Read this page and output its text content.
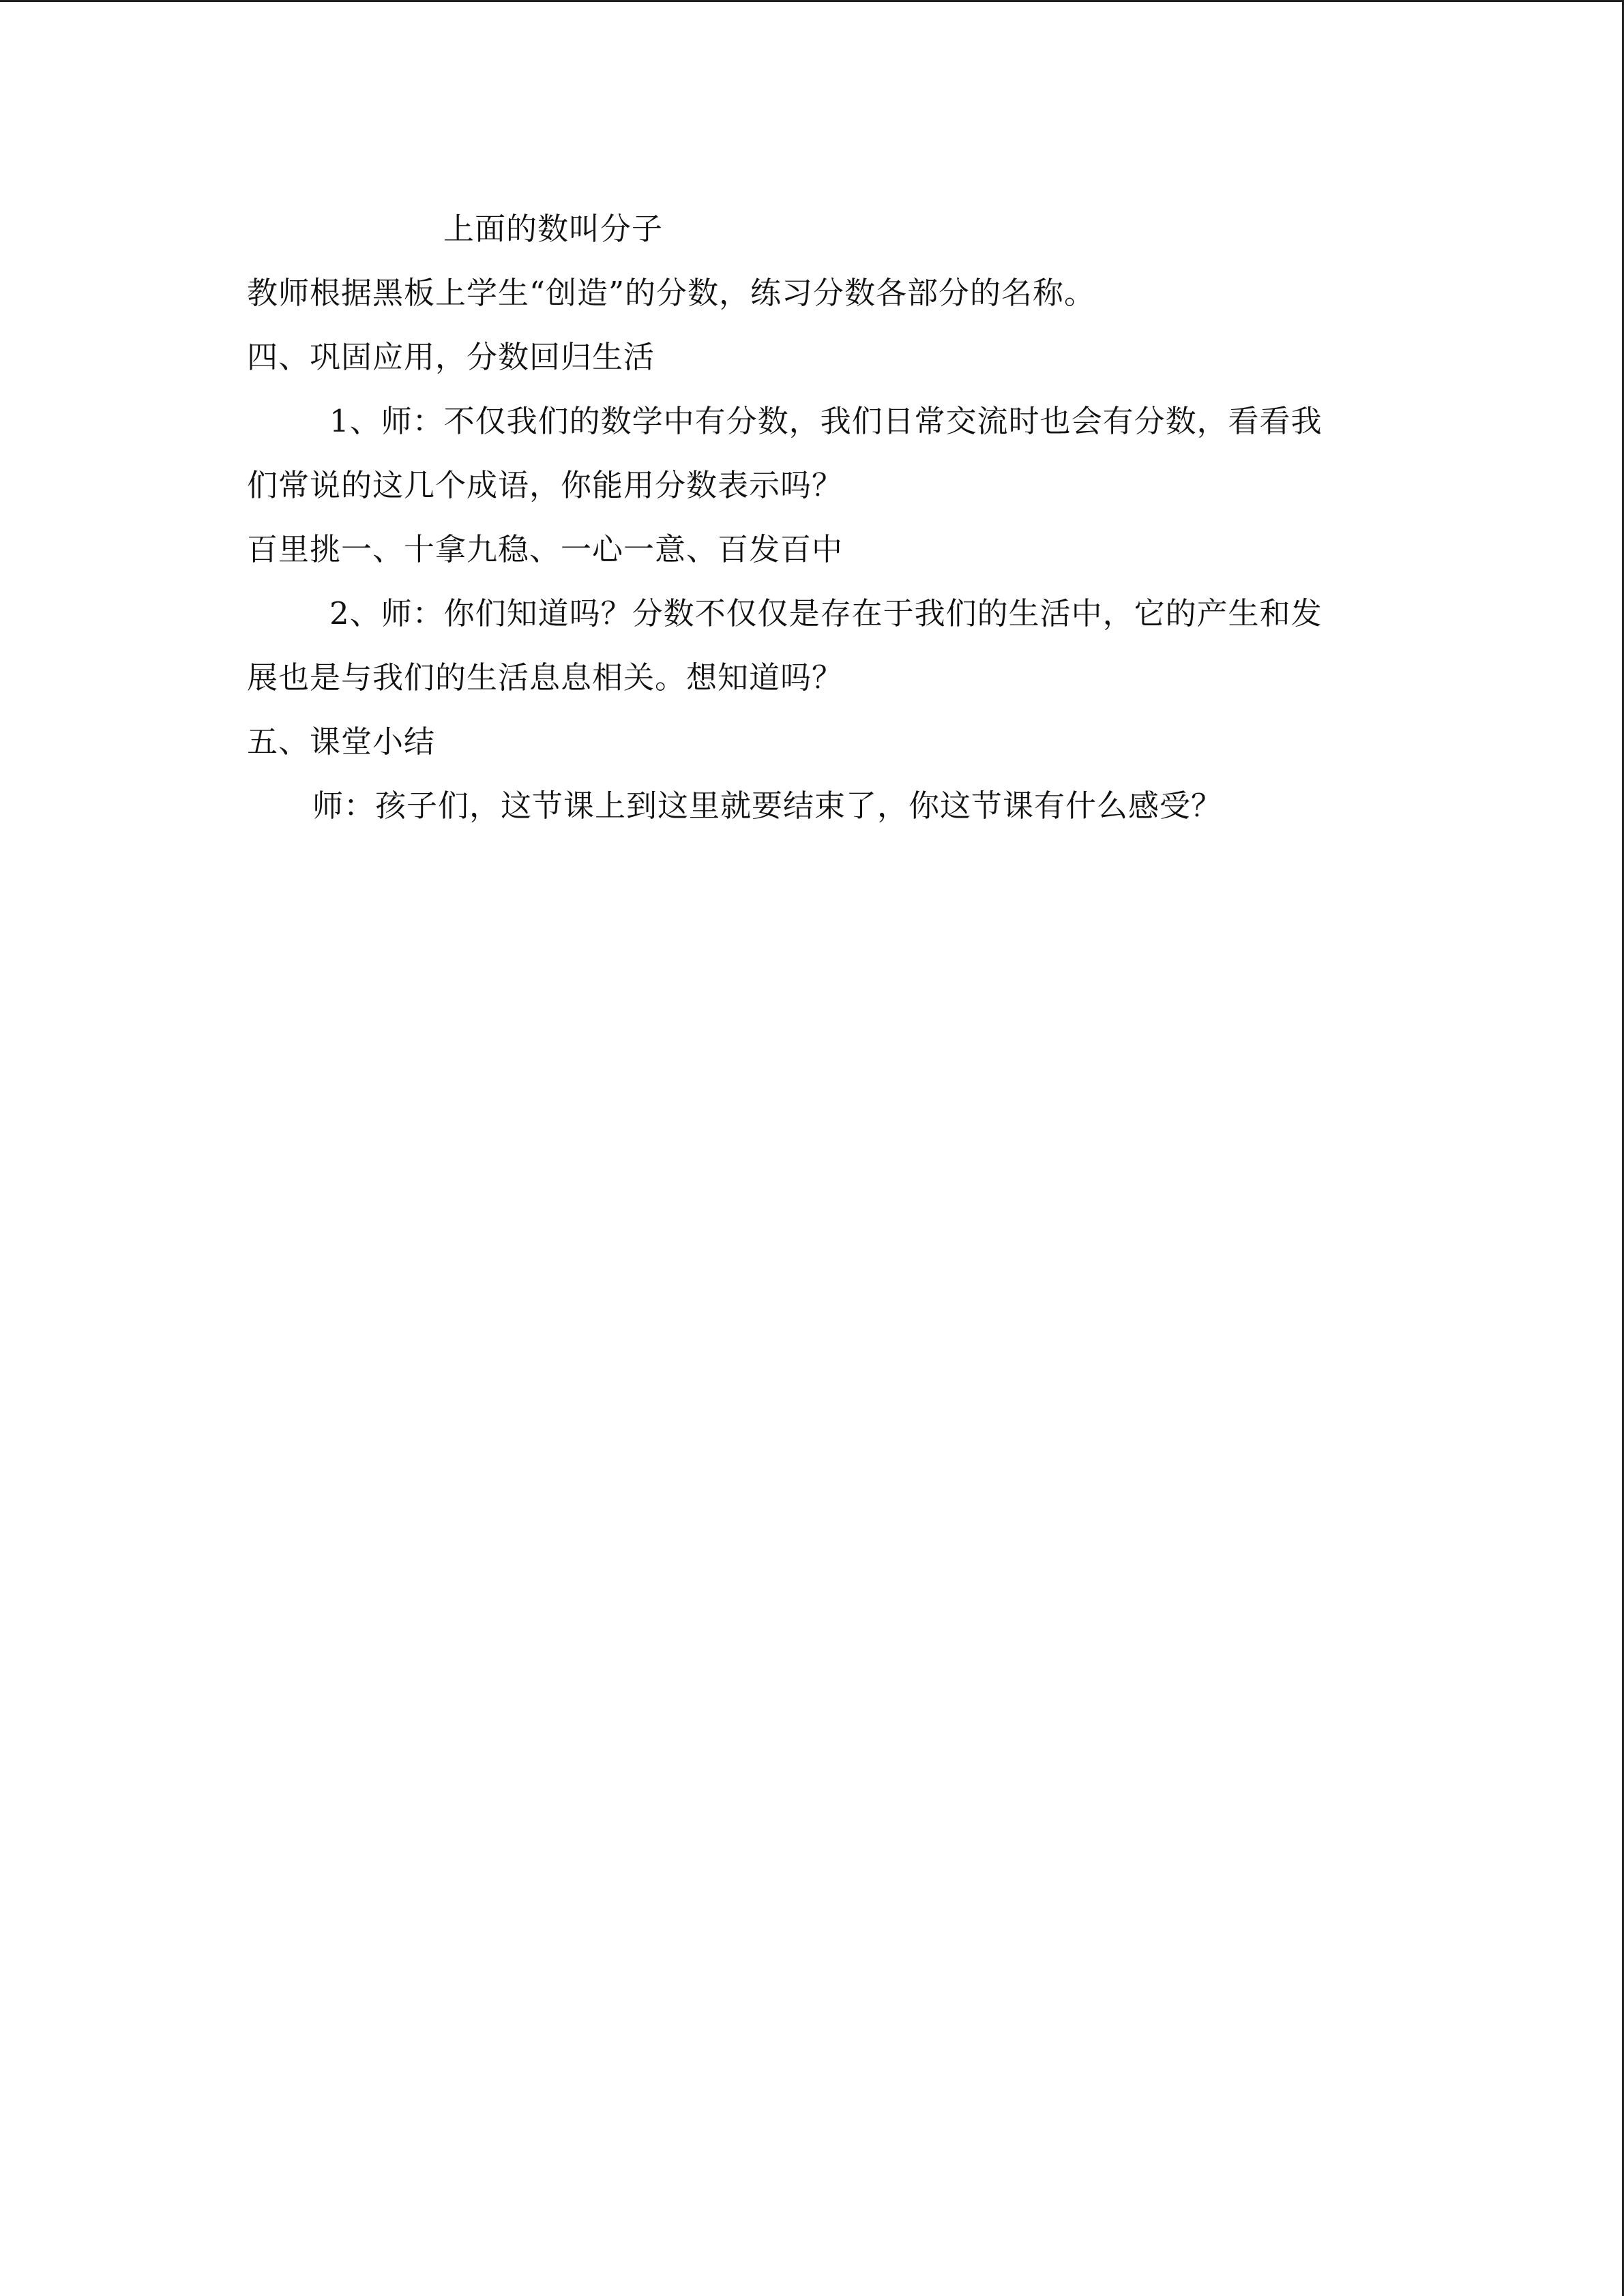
上面的数叫分子
教师根据黑板上学生“创造”的分数，练习分数各部分的名称。
四、巩固应用，分数回归生活
1、师：不仅我们的数学中有分数，我们日常交流时也会有分数，看看我
们常说的这几个成语，你能用分数表示吗？
百里挑一、十拿九稳、一心一意、百发百中
2、师：你们知道吗？分数不仅仅是存在于我们的生活中，它的产生和发
展也是与我们的生活息息相关。想知道吗？
五、课堂小结
师：孩子们，这节课上到这里就要结束了，你这节课有什么感受？
